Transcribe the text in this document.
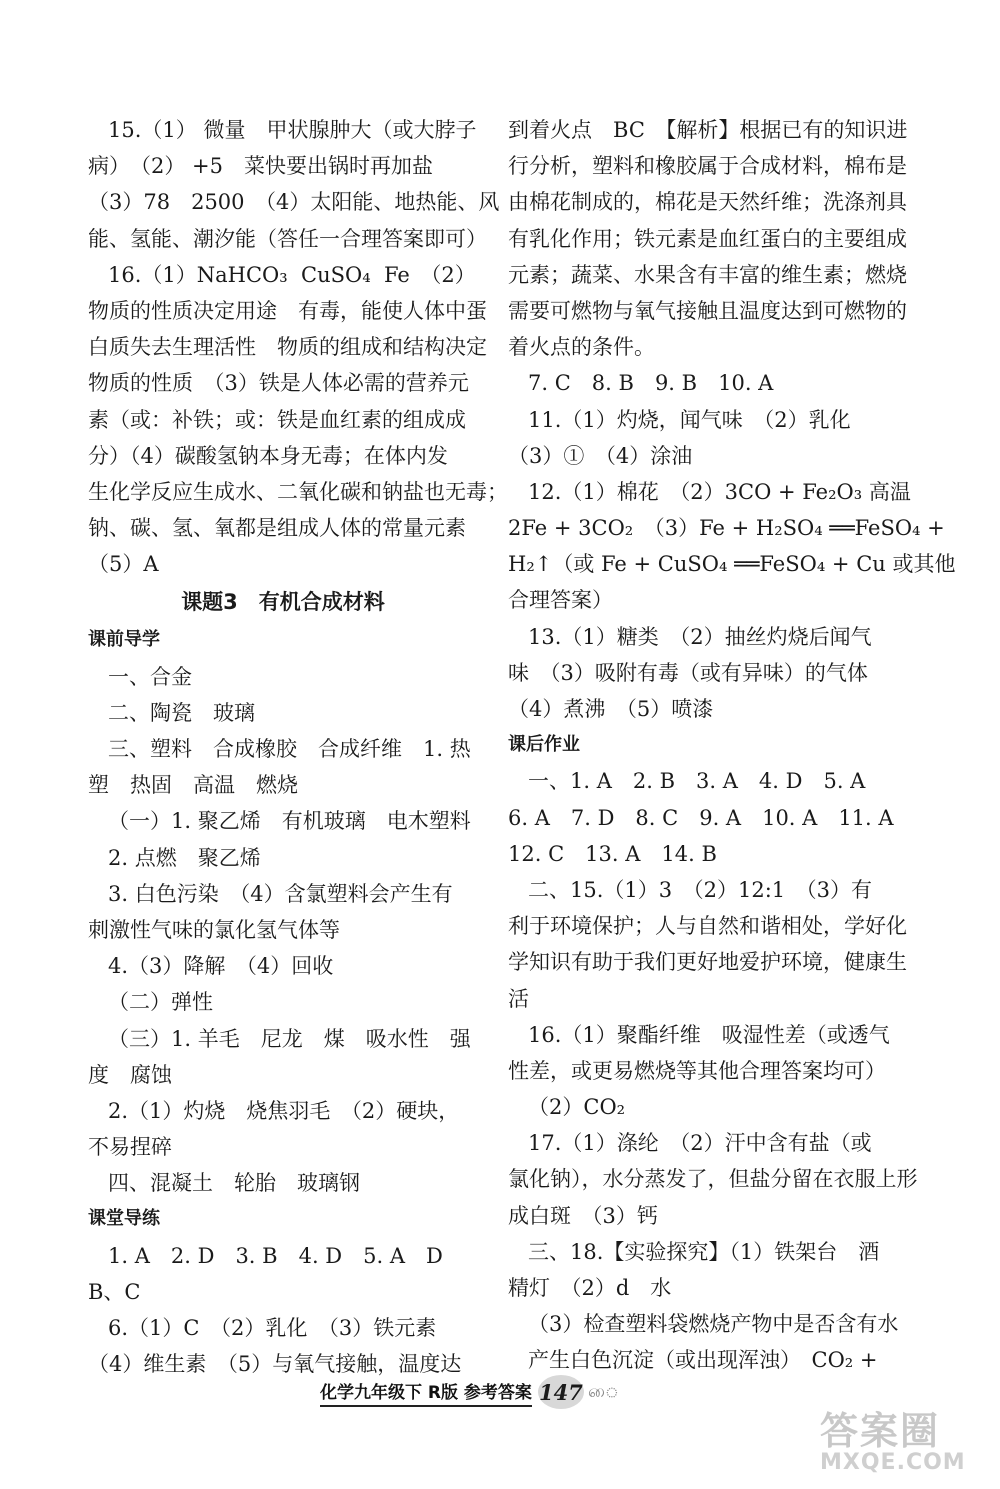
15.（1） 微量　甲状腺肿大（或大脖子
病）　（2） +5　菜快要出锅时再加盐
（3）78　2500　（4）太阳能、地热能、风
能、氢能、潮汐能（答任一合理答案即可）
16.（1）NaHCO₃  CuSO₄  Fe　（2）
物质的性质决定用途　有毒，能使人体中蛋
白质失去生理活性　物质的组成和结构决定
物质的性质　（3）铁是人体必需的营养元
素（或：补铁；或：铁是血红素的组成成
分）（4）碳酸氢钠本身无毒；在体内发
生化学反应生成水、二氧化碳和钠盐也无毒；
钠、碳、氢、氧都是组成人体的常量元素
（5）A
课题3　有机合成材料
课前导学
一、合金
二、陶瓷　玻璃
三、塑料　合成橡胶　合成纤维　1. 热
塑　热固　高温　燃烧
（一）1. 聚乙烯　有机玻璃　电木塑料
2. 点燃　聚乙烯
3. 白色污染　（4）含氯塑料会产生有
刺激性气味的氯化氢气体等
4.（3）降解　（4）回收
（二）弹性
（三）1. 羊毛　尼龙　煤　吸水性　强
度　腐蚀
2.（1）灼烧　烧焦羽毛　（2）硬块，
不易捏碎
四、混凝土　轮胎　玻璃钢
课堂导练
1. A　2. D　3. B　4. D　5. A　D
B、C
6.（1）C　（2）乳化　（3）铁元素
（4）维生素　（5）与氧气接触，温度达
到着火点　BC　【解析】根据已有的知识进
行分析，塑料和橡胶属于合成材料，棉布是
由棉花制成的，棉花是天然纤维；洗涤剂具
有乳化作用；铁元素是血红蛋白的主要组成
元素；蔬菜、水果含有丰富的维生素；燃烧
需要可燃物与氧气接触且温度达到可燃物的
着火点的条件。
7. C　8. B　9. B　10. A
11.（1）灼烧，闻气味　（2）乳化
（3）①　（4）涂油
12.（1）棉花　（2）3CO + Fe₂O₃ 高温
2Fe + 3CO₂　（3）Fe + H₂SO₄ ══FeSO₄ +
H₂↑（或 Fe + CuSO₄ ══FeSO₄ + Cu 或其他
合理答案）
13.（1）糖类　（2）抽丝灼烧后闻气
味　（3）吸附有毒（或有异味）的气体
（4）煮沸　（5）喷漆
课后作业
一、1. A　2. B　3. A　4. D　5. A
6. A　7. D　8. C　9. A　10. A　11. A
12. C　13. A　14. B
二、15.（1）3　（2）12:1　（3）有
利于环境保护；人与自然和谐相处，学好化
学知识有助于我们更好地爱护环境，健康生
活
16.（1）聚酯纤维　吸湿性差（或透气
性差，或更易燃烧等其他合理答案均可）
（2）CO₂
17.（1）涤纶　（2）汗中含有盐（或
氯化钠），水分蒸发了，但盐分留在衣服上形
成白斑　（3）钙
三、18.【实验探究】（1）铁架台　酒
精灯　（2）d　水
（3）检查塑料袋燃烧产物中是否含有水
产生白色沉淀（或出现浑浊）　CO₂ +
化学九年级下 R版 参考答案 147 ை
答案圈
MXQE.COM
